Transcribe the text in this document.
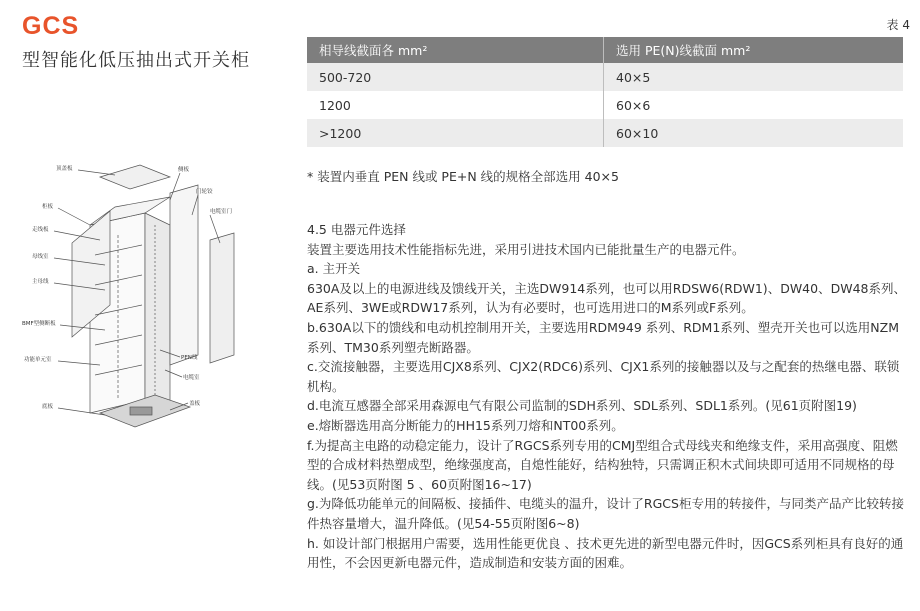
GCS
型智能化低压抽出式开关柜
表 4
相导线截面各 mm²	选用 PE(N)线截面 mm²
500-720	40×5
1200	60×6
>1200	60×10
* 装置内垂直 PEN 线或 PE+N 线的规格全部选用 40×5

4.5 电器元件选择

装置主要选用技术性能指标先进，采用引进技术国内已能批量生产的电器元件。

a. 主开关

630A及以上的电源进线及馈线开关，主选DW914系列，也可以用RDSW6(RDW1)、DW40、DW48系列、AE系列、3WE或RDW17系列，认为有必要时，也可选用进口的M系列或F系列。

b.630A以下的馈线和电动机控制用开关，主要选用RDM949 系列、RDM1系列、塑壳开关也可以选用NZM系列、TM30系列塑壳断路器。

c.交流接触器，主要选用CJX8系列、CJX2(RDC6)系列、CJX1系列的接触器以及与之配套的热继电器、联锁机构。

d.电流互感器全部采用森源电气有限公司监制的SDH系列、SDL系列、SDL1系列。(见61页附图19)

e.熔断器选用高分断能力的HH15系列刀熔和NT00系列。

f.为提高主电路的动稳定能力，设计了RGCS系列专用的CMJ型组合式母线夹和绝缘支件，采用高强度、阻燃型的合成材料热塑成型，绝缘强度高，自熄性能好，结构独特，只需调正积木式间块即可适用不同规格的母线。(见53页附图 5 、60页附图16~17)

g.为降低功能单元的间隔板、接插件、电缆头的温升，设计了RGCS柜专用的转接件，与同类产品产比较转接件热容量增大，温升降低。(见54-55页附图6~8)

h. 如设计部门根据用户需要，选用性能更优良 、技术更先进的新型电器元件时，因GCS系列柜具有良好的通用性，不会因更新电器元件，造成制造和安装方面的困难。

顶盖板
柜板
走线板
母线室
主母线
BMF型侧断板
功能单元室
底板
侧板
门轮铰
电缆室门
PEN线
电缆室
盖板
